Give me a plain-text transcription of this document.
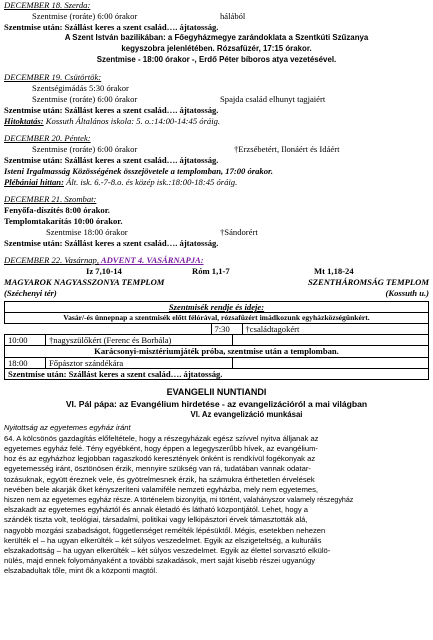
DECEMBER 18. Szerda:
Szentmise (roráte) 6:00 órakor	hálából
Szentmise után: Szállást keres a szent család…. ájtatosság.
A Szent István bazilikában: a Főegyházmegye zarándoklata a Szentkúti Szűzanya
kegyszobra jelenlétében. Rózsafüzér, 17:15 órakor.
Szentmise - 18:00 órakor -, Erdő Péter bíboros atya vezetésével.
DECEMBER 19. Csütörtök:
Szentségimádás 5:30 órakor
Szentmise (roráte) 6:00 órakor	Spajda család elhunyt tagjaiért
Szentmise után: Szállást keres a szent család…. ájtatosság.
Hitoktatás: Kossuth Általános iskola: 5. o.:14:00-14:45 óráig.
DECEMBER 20. Péntek:
Szentmise (roráte) 6:00 órakor	†Erzsébetért, Ilonáért és Idáért
Szentmise után: Szállást keres a szent család…. ájtatosság.
Isteni Irgalmasság Közösségének összejövetele a templomban, 17:00 órakor.
Plébániai hittan: Ált. isk. 6.-7-8.o. és közép isk.:18:00-18:45 óráig.
DECEMBER 21. Szombat:
Fenyőfa-díszítés 8:00 órakor.
Templomtakarítás 10:00 órakor.
Szentmise 18:00 órakor	†Sándorért
Szentmise után: Szállást keres a szent család…. ájtatosság.
DECEMBER 22. Vasárnap, ADVENT 4. VASÁRNAPJA:
Iz 7,10-14	Róm 1,1-7	Mt 1,18-24
MAGYAROK NAGYASSZONYA TEMPLOM	SZENTHÁROMSÁG TEMPLOM
(Széchenyi tér)	(Kossuth u.)
Szentmisék rendje és ideje:
Vasár/-és ünnepnap a szentmisék előtt félórával, rózsafüzért imádkozunk egyházközségünkért.
	7:30	†családtagokért

10:00	†nagyszülőkért (Ferenc és Borbála)	

Karácsonyi-misztériumjáték próba, szentmise után a templomban.

18:00	Főpásztor szándékára	

Szentmise után: Szállást keres a szent család…. ájtatosság.
EVANGELII NUNTIANDI
VI. Pál pápa: az Evangélium hirdetése - az evangelizációról a mai világban
VI. Az evangelizáció munkásai
Nyitottság az egyetemes egyház iránt
64. A kölcsönös gazdagítás előfeltétele, hogy a részegyházak egész szívvel nyitva álljanak az
egyetemes egyház felé. Tény egyébként, hogy éppen a legegyszerűbb hívek, az evangélium-
hoz és az egyházhoz legjobban ragaszkodó keresztények önként is rendkívül fogékonyak az
egyetemesség iránt, ösztönösen érzik, mennyire szükség van rá, tudatában vannak odatar-
tozásuknak, együtt éreznek vele, és gyötrelmesnek érzik, ha számukra érthetetlen érvelések
nevében bele akarják őket kényszeríteni valamiféle nemzeti egyházba, mely nem egyetemes,
hiszen nem az egyetemes egyház része. A történelem bizonyítja, mi történt, valahányszor valamely részegyház
elszakadt az egyetemes egyháztól és annak életadó és látható központjától. Lehet, hogy a
szándék tiszta volt, teológiai, társadalmi, politikai vagy lelkipásztori érvek támasztották alá,
nagyobb mozgási szabadságot, függetlenséget remélték lépésüktől. Mégis, esetekben nehezen
kerülték el – ha ugyan elkerülték – két súlyos veszedelmet. Egyik az elszigeteltség, a kulturális
elszakadottság – ha ugyan elkerülték – két súlyos veszedelmet. Egyik az élettel sorvasztó elkülö-
nülés, majd ennek folyományaként a további szakadások, mert saját kisebb részei ugyanúgy
elszabadultak tőle, mint ők a központi magtól.
